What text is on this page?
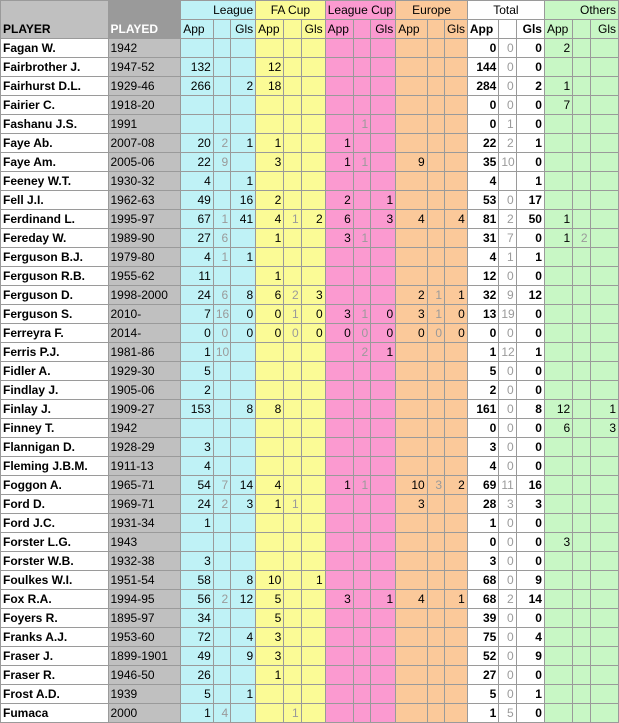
PLAYER	PLAYED	League			FA Cup			League Cup			Europe			Total			Others		
		App		Gls	App		Gls	App		Gls	App		Gls	App		Gls	App		Gls
Fagan W.	1942													0	0	0	2		
Fairbrother J.	1947-52	132			12									144	0	0			
Fairhurst D.L.	1929-46	266		2	18									284	0	2	1		
Fairier C.	1918-20													0	0	0	7		
Fashanu J.S.	1991								1					0	1	0			
Faye Ab.	2007-08	20	2	1	1			1						22	2	1			
Faye Am.	2005-06	22	9		3			1	1		9			35	10	0			
Feeney W.T.	1930-32	4		1										4		1			
Fell J.I.	1962-63	49		16	2			2		1				53	0	17			
Ferdinand L.	1995-97	67	1	41	4	1	2	6		3	4		4	81	2	50	1		
Fereday W.	1989-90	27	6		1			3	1					31	7	0	1	2	
Ferguson B.J.	1979-80	4	1	1										4	1	1			
Ferguson R.B.	1955-62	11			1									12	0	0			
Ferguson D.	1998-2000	24	6	8	6	2	3				2	1	1	32	9	12			
Ferguson S.	2010-	7	16	0	0	1	0	3	1	0	3	1	0	13	19	0			
Ferreyra F.	2014-	0	0	0	0	0	0	0	0	0	0	0	0	0	0	0			
Ferris P.J.	1981-86	1	10						2	1				1	12	1			
Fidler A.	1929-30	5												5	0	0			
Findlay J.	1905-06	2												2	0	0			
Finlay J.	1909-27	153		8	8									161	0	8	12		1
Finney T.	1942													0	0	0	6		3
Flannigan D.	1928-29	3												3	0	0			
Fleming J.B.M.	1911-13	4												4	0	0			
Foggon A.	1965-71	54	7	14	4			1	1		10	3	2	69	11	16			
Ford D.	1969-71	24	2	3	1	1					3			28	3	3			
Ford J.C.	1931-34	1												1	0	0			
Forster L.G.	1943													0	0	0	3		
Forster W.B.	1932-38	3												3	0	0			
Foulkes W.I.	1951-54	58		8	10		1							68	0	9			
Fox R.A.	1994-95	56	2	12	5			3		1	4		1	68	2	14			
Foyers R.	1895-97	34			5									39	0	0			
Franks A.J.	1953-60	72		4	3									75	0	4			
Fraser J.	1899-1901	49		9	3									52	0	9			
Fraser R.	1946-50	26			1									27	0	0			
Frost A.D.	1939	5		1										5	0	1			
Fumaca	2000	1	4			1								1	5	0			
